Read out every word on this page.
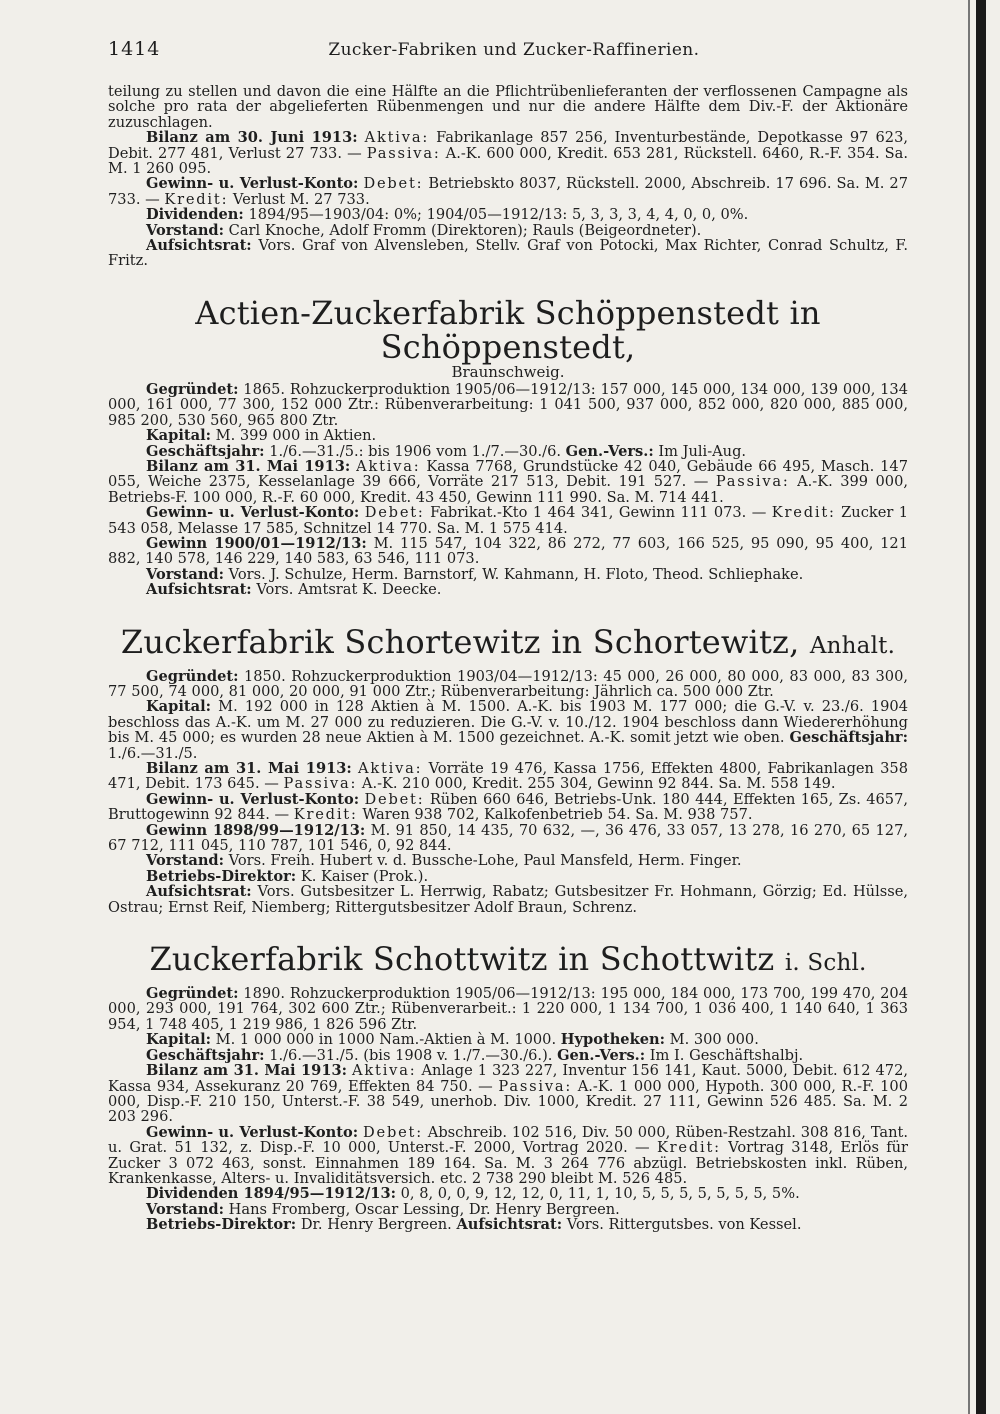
1414	Zucker-Fabriken und Zucker-Raffinerien.

teilung zu stellen und davon die eine Hälfte an die Pflichtrübenlieferanten der verflossenen Campagne als solche pro rata der abgelieferten Rübenmengen und nur die andere Hälfte dem Div.-F. der Aktionäre zuzuschlagen.

Bilanz am 30. Juni 1913: Aktiva: Fabrikanlage 857 256, Inventurbestände, Depotkasse 97 623, Debit. 277 481, Verlust 27 733. — Passiva: A.-K. 600 000, Kredit. 653 281, Rückstell. 6460, R.-F. 354. Sa. M. 1 260 095.

Gewinn- u. Verlust-Konto: Debet: Betriebskto 8037, Rückstell. 2000, Abschreib. 17 696. Sa. M. 27 733. — Kredit: Verlust M. 27 733.

Dividenden: 1894/95—1903/04: 0%; 1904/05—1912/13: 5, 3, 3, 3, 4, 4, 0, 0, 0%.

Vorstand: Carl Knoche, Adolf Fromm (Direktoren); Rauls (Beigeordneter).

Aufsichtsrat: Vors. Graf von Alvensleben, Stellv. Graf von Potocki, Max Richter, Conrad Schultz, F. Fritz.

Actien-Zuckerfabrik Schöppenstedt in Schöppenstedt,
Braunschweig.

Gegründet: 1865. Rohzuckerproduktion 1905/06—1912/13: 157 000, 145 000, 134 000, 139 000, 134 000, 161 000, 77 300, 152 000 Ztr.: Rübenverarbeitung: 1 041 500, 937 000, 852 000, 820 000, 885 000, 985 200, 530 560, 965 800 Ztr.

Kapital: M. 399 000 in Aktien.

Geschäftsjahr: 1./6.—31./5.: bis 1906 vom 1./7.—30./6. Gen.-Vers.: Im Juli-Aug.

Bilanz am 31. Mai 1913: Aktiva: Kassa 7768, Grundstücke 42 040, Gebäude 66 495, Masch. 147 055, Weiche 2375, Kesselanlage 39 666, Vorräte 217 513, Debit. 191 527. — Passiva: A.-K. 399 000, Betriebs-F. 100 000, R.-F. 60 000, Kredit. 43 450, Gewinn 111 990. Sa. M. 714 441.

Gewinn- u. Verlust-Konto: Debet: Fabrikat.-Kto 1 464 341, Gewinn 111 073. — Kredit: Zucker 1 543 058, Melasse 17 585, Schnitzel 14 770. Sa. M. 1 575 414.

Gewinn 1900/01—1912/13: M. 115 547, 104 322, 86 272, 77 603, 166 525, 95 090, 95 400, 121 882, 140 578, 146 229, 140 583, 63 546, 111 073.

Vorstand: Vors. J. Schulze, Herm. Barnstorf, W. Kahmann, H. Floto, Theod. Schliephake.

Aufsichtsrat: Vors. Amtsrat K. Deecke.

Zuckerfabrik Schortewitz in Schortewitz, Anhalt.

Gegründet: 1850. Rohzuckerproduktion 1903/04—1912/13: 45 000, 26 000, 80 000, 83 000, 83 300, 77 500, 74 000, 81 000, 20 000, 91 000 Ztr.; Rübenverarbeitung: Jährlich ca. 500 000 Ztr.

Kapital: M. 192 000 in 128 Aktien à M. 1500. A.-K. bis 1903 M. 177 000; die G.-V. v. 23./6. 1904 beschloss das A.-K. um M. 27 000 zu reduzieren. Die G.-V. v. 10./12. 1904 beschloss dann Wiedererhöhung bis M. 45 000; es wurden 28 neue Aktien à M. 1500 gezeichnet. A.-K. somit jetzt wie oben. Geschäftsjahr: 1./6.—31./5.

Bilanz am 31. Mai 1913: Aktiva: Vorräte 19 476, Kassa 1756, Effekten 4800, Fabrikanlagen 358 471, Debit. 173 645. — Passiva: A.-K. 210 000, Kredit. 255 304, Gewinn 92 844. Sa. M. 558 149.

Gewinn- u. Verlust-Konto: Debet: Rüben 660 646, Betriebs-Unk. 180 444, Effekten 165, Zs. 4657, Bruttogewinn 92 844. — Kredit: Waren 938 702, Kalkofenbetrieb 54. Sa. M. 938 757.

Gewinn 1898/99—1912/13: M. 91 850, 14 435, 70 632, —, 36 476, 33 057, 13 278, 16 270, 65 127, 67 712, 111 045, 110 787, 101 546, 0, 92 844.

Vorstand: Vors. Freih. Hubert v. d. Bussche-Lohe, Paul Mansfeld, Herm. Finger.

Betriebs-Direktor: K. Kaiser (Prok.).

Aufsichtsrat: Vors. Gutsbesitzer L. Herrwig, Rabatz; Gutsbesitzer Fr. Hohmann, Görzig; Ed. Hülsse, Ostrau; Ernst Reif, Niemberg; Rittergutsbesitzer Adolf Braun, Schrenz.

Zuckerfabrik Schottwitz in Schottwitz i. Schl.

Gegründet: 1890. Rohzuckerproduktion 1905/06—1912/13: 195 000, 184 000, 173 700, 199 470, 204 000, 293 000, 191 764, 302 600 Ztr.; Rübenverarbeit.: 1 220 000, 1 134 700, 1 036 400, 1 140 640, 1 363 954, 1 748 405, 1 219 986, 1 826 596 Ztr.

Kapital: M. 1 000 000 in 1000 Nam.-Aktien à M. 1000. Hypotheken: M. 300 000.

Geschäftsjahr: 1./6.—31./5. (bis 1908 v. 1./7.—30./6.). Gen.-Vers.: Im I. Geschäftshalbj.

Bilanz am 31. Mai 1913: Aktiva: Anlage 1 323 227, Inventur 156 141, Kaut. 5000, Debit. 612 472, Kassa 934, Assekuranz 20 769, Effekten 84 750. — Passiva: A.-K. 1 000 000, Hypoth. 300 000, R.-F. 100 000, Disp.-F. 210 150, Unterst.-F. 38 549, unerhob. Div. 1000, Kredit. 27 111, Gewinn 526 485. Sa. M. 2 203 296.

Gewinn- u. Verlust-Konto: Debet: Abschreib. 102 516, Div. 50 000, Rüben-Restzahl. 308 816, Tant. u. Grat. 51 132, z. Disp.-F. 10 000, Unterst.-F. 2000, Vortrag 2020. — Kredit: Vortrag 3148, Erlös für Zucker 3 072 463, sonst. Einnahmen 189 164. Sa. M. 3 264 776 abzügl. Betriebskosten inkl. Rüben, Krankenkasse, Alters- u. Invaliditätsversich. etc. 2 738 290 bleibt M. 526 485.

Dividenden 1894/95—1912/13: 0, 8, 0, 0, 9, 12, 12, 0, 11, 1, 10, 5, 5, 5, 5, 5, 5, 5, 5%.

Vorstand: Hans Fromberg, Oscar Lessing, Dr. Henry Bergreen.

Betriebs-Direktor: Dr. Henry Bergreen. Aufsichtsrat: Vors. Rittergutsbes. von Kessel.
